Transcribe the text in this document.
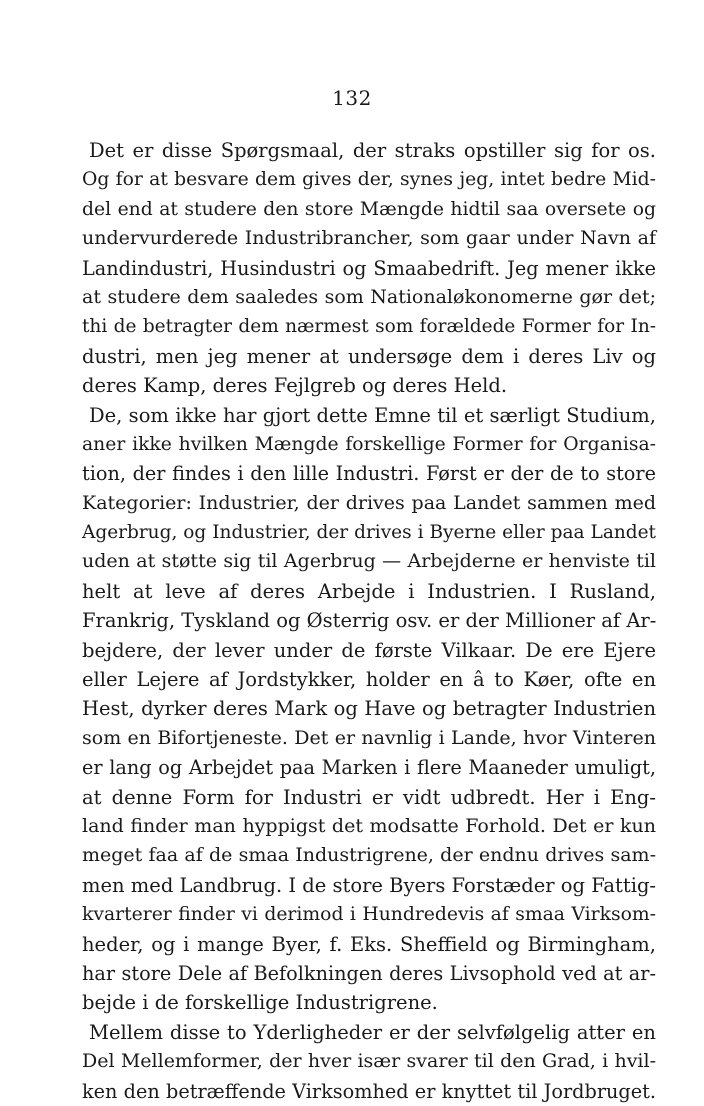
132
Det er disse Spørgsmaal, der straks opstiller sig for os.
Og for at besvare dem gives der, synes jeg, intet bedre Mid-
del end at studere den store Mængde hidtil saa oversete og
undervurderede Industribrancher, som gaar under Navn af
Landindustri, Husindustri og Smaabedrift. Jeg mener ikke
at studere dem saaledes som Nationaløkonomerne gør det;
thi de betragter dem nærmest som forældede Former for In-
dustri, men jeg mener at undersøge dem i deres Liv og
deres Kamp, deres Fejlgreb og deres Held.
De, som ikke har gjort dette Emne til et særligt Studium,
aner ikke hvilken Mængde forskellige Former for Organisa-
tion, der findes i den lille Industri. Først er der de to store
Kategorier: Industrier, der drives paa Landet sammen med
Agerbrug, og Industrier, der drives i Byerne eller paa Landet
uden at støtte sig til Agerbrug — Arbejderne er henviste til
helt at leve af deres Arbejde i Industrien. I Rusland,
Frankrig, Tyskland og Østerrig osv. er der Millioner af Ar-
bejdere, der lever under de første Vilkaar. De ere Ejere
eller Lejere af Jordstykker, holder en â to Køer, ofte en
Hest, dyrker deres Mark og Have og betragter Industrien
som en Bifortjeneste. Det er navnlig i Lande, hvor Vinteren
er lang og Arbejdet paa Marken i flere Maaneder umuligt,
at denne Form for Industri er vidt udbredt. Her i Eng-
land finder man hyppigst det modsatte Forhold. Det er kun
meget faa af de smaa Industrigrene, der endnu drives sam-
men med Landbrug. I de store Byers Forstæder og Fattig-
kvarterer finder vi derimod i Hundredevis af smaa Virksom-
heder, og i mange Byer, f. Eks. Sheffield og Birmingham,
har store Dele af Befolkningen deres Livsophold ved at ar-
bejde i de forskellige Industrigrene.
Mellem disse to Yderligheder er der selvfølgelig atter en
Del Mellemformer, der hver især svarer til den Grad, i hvil-
ken den betræffende Virksomhed er knyttet til Jordbruget.
